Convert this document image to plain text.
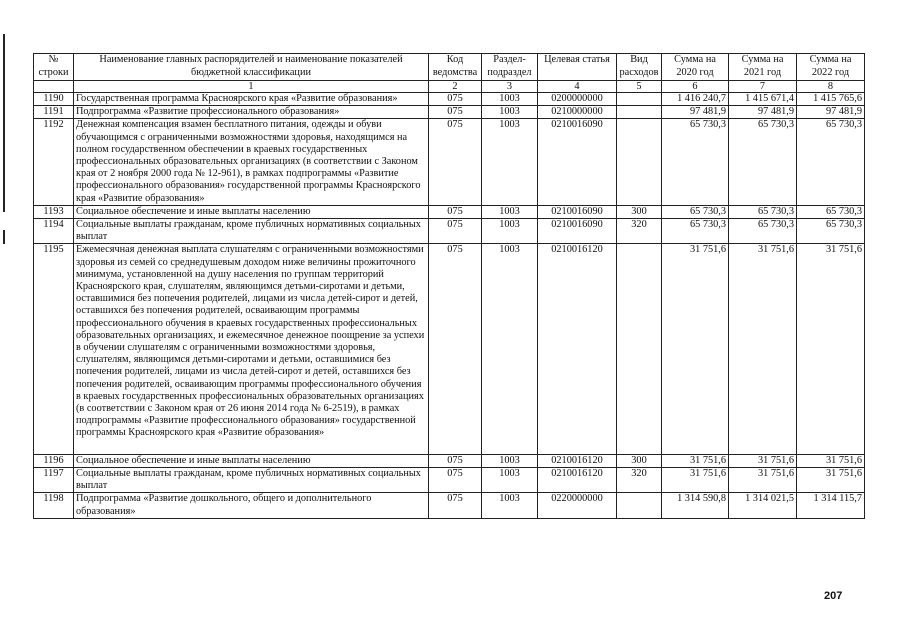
№ строки	Наименование главных распорядителей и наименование показателей бюджетной классификации	Код ведомства	Раздел-подраздел	Целевая статья	Вид расходов	Сумма на 2020 год	Сумма на 2021 год	Сумма на 2022 год
	1	2	3	4	5	6	7	8
1190	Государственная программа Красноярского края «Развитие образования»	075	1003	0200000000		1 416 240,7	1 415 671,4	1 415 765,6
1191	Подпрограмма «Развитие профессионального образования»	075	1003	0210000000		97 481,9	97 481,9	97 481,9
1192	Денежная компенсация взамен бесплатного питания, одежды и обуви обучающимся с ограниченными возможностями здоровья, находящимся на полном государственном обеспечении в краевых государственных профессиональных образовательных организациях (в соответствии с Законом края от 2 ноября 2000 года № 12-961), в рамках подпрограммы «Развитие профессионального образования» государственной программы Красноярского края «Развитие образования»	075	1003	0210016090		65 730,3	65 730,3	65 730,3
1193	Социальное обеспечение и иные выплаты населению	075	1003	0210016090	300	65 730,3	65 730,3	65 730,3
1194	Социальные выплаты гражданам, кроме публичных нормативных социальных выплат	075	1003	0210016090	320	65 730,3	65 730,3	65 730,3
1195	Ежемесячная денежная выплата слушателям с ограниченными возможностями здоровья из семей со среднедушевым доходом ниже величины прожиточного минимума, установленной на душу населения по группам территорий Красноярского края, слушателям, являющимся детьми-сиротами и детьми, оставшимися без попечения родителей, лицами из числа детей-сирот и детей, оставшихся без попечения родителей, осваивающим программы профессионального обучения в краевых государственных профессиональных образовательных организациях, и ежемесячное денежное поощрение за успехи в обучении слушателям с ограниченными возможностями здоровья, слушателям, являющимся детьми-сиротами и детьми, оставшимися без попечения родителей, лицами из числа детей-сирот и детей, оставшихся без попечения родителей, осваивающим программы профессионального обучения в краевых государственных профессиональных образовательных организациях (в соответствии с Законом края от 26 июня 2014 года № 6-2519), в рамках подпрограммы «Развитие профессионального образования» государственной программы Красноярского края «Развитие образования»	075	1003	0210016120		31 751,6	31 751,6	31 751,6
1196	Социальное обеспечение и иные выплаты населению	075	1003	0210016120	300	31 751,6	31 751,6	31 751,6
1197	Социальные выплаты гражданам, кроме публичных нормативных социальных выплат	075	1003	0210016120	320	31 751,6	31 751,6	31 751,6
1198	Подпрограмма «Развитие дошкольного, общего и дополнительного образования»	075	1003	0220000000		1 314 590,8	1 314 021,5	1 314 115,7
207
